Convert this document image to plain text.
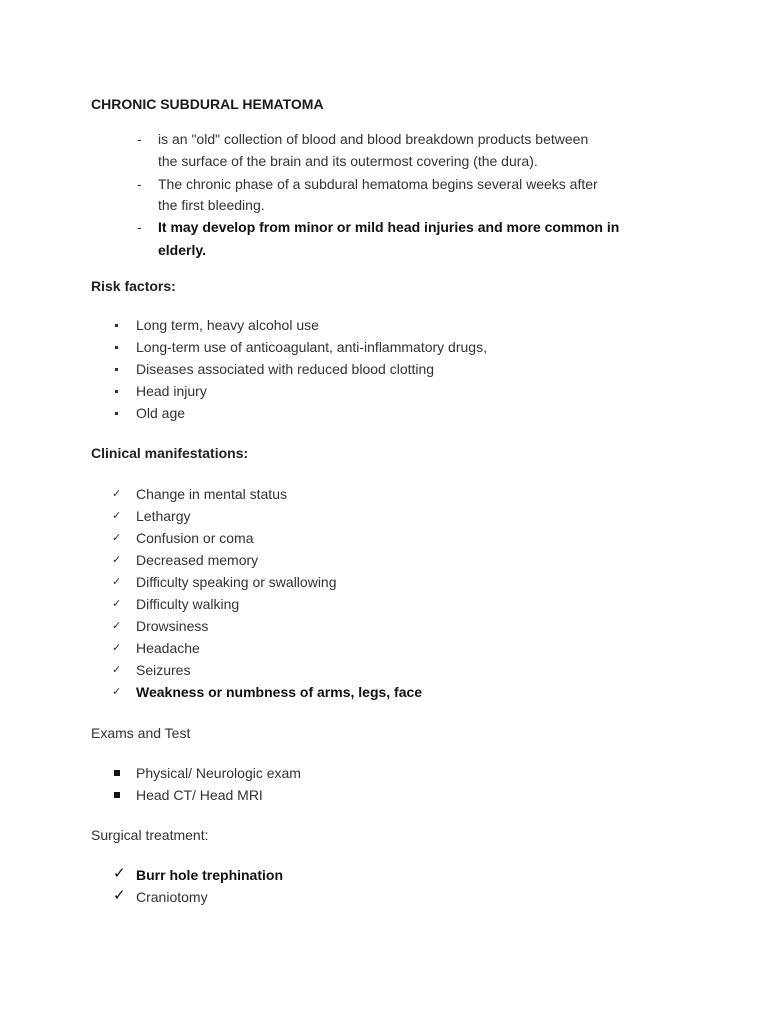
CHRONIC SUBDURAL HEMATOMA
- is an "old" collection of blood and blood breakdown products between
the surface of the brain and its outermost covering (the dura).
- The chronic phase of a subdural hematoma begins several weeks after
the first bleeding.
- It may develop from minor or mild head injuries and more common in
elderly.
Risk factors:
Long term, heavy alcohol use
Long-term use of anticoagulant, anti-inflammatory drugs,
Diseases associated with reduced blood clotting
Head injury
Old age
Clinical manifestations:
✓ Change in mental status
✓ Lethargy
✓ Confusion or coma
✓ Decreased memory
✓ Difficulty speaking or swallowing
✓ Difficulty walking
✓ Drowsiness
✓ Headache
✓ Seizures
✓ Weakness or numbness of arms, legs, face
Exams and Test
Physical/ Neurologic exam
Head CT/ Head MRI
Surgical treatment:
✓ Burr hole trephination
✓ Craniotomy
